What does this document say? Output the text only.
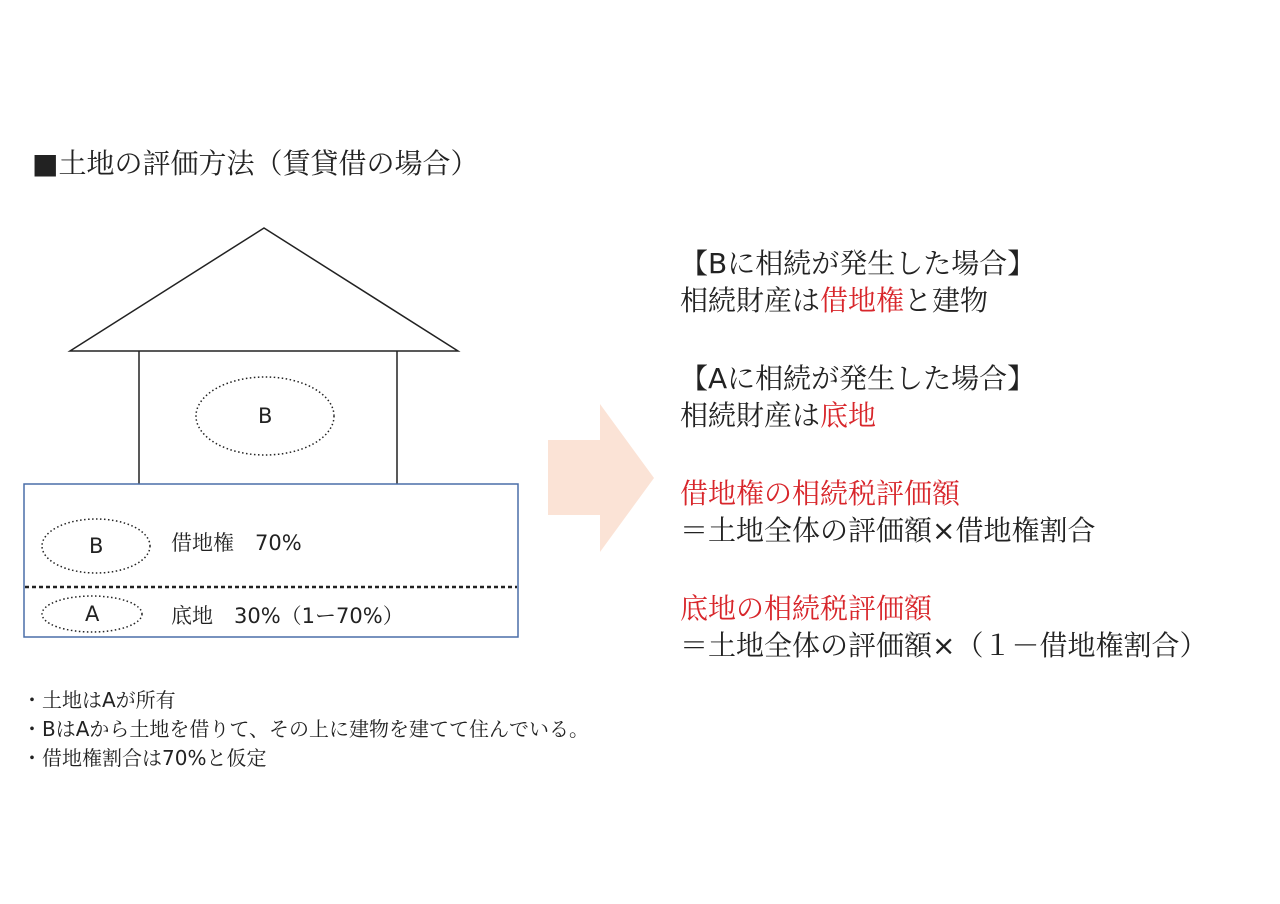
■土地の評価方法（賃貸借の場合）
B
B	借地権　70%
A	底地　30%（1ー70%）
・土地はAが所有
・BはAから土地を借りて、その上に建物を建てて住んでいる。
・借地権割合は70%と仮定
【Bに相続が発生した場合】
相続財産は借地権と建物
【Aに相続が発生した場合】
相続財産は底地
借地権の相続税評価額
＝土地全体の評価額×借地権割合
底地の相続税評価額
＝土地全体の評価額×（１－借地権割合）
